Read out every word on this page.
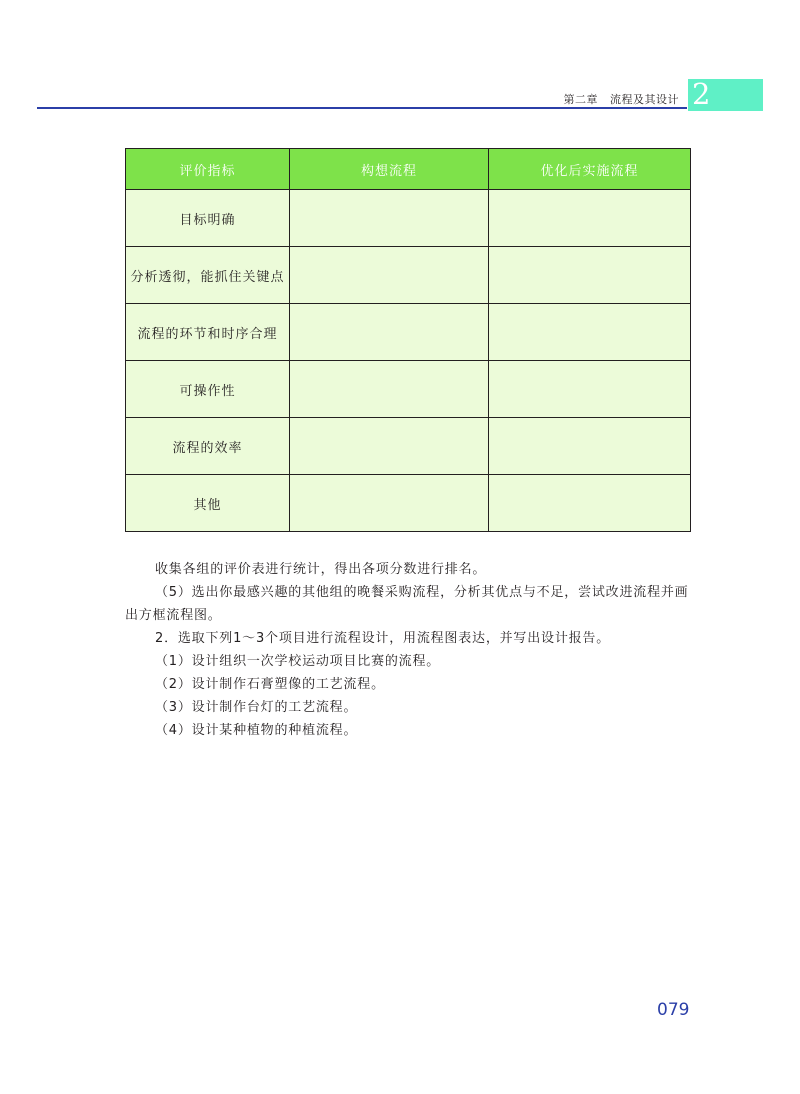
第二章 流程及其设计 2
评价指标	构想流程	优化后实施流程
目标明确		
分析透彻，能抓住关键点		
流程的环节和时序合理		
可操作性		
流程的效率		
其他		

收集各组的评价表进行统计，得出各项分数进行排名。

（5）选出你最感兴趣的其他组的晚餐采购流程，分析其优点与不足，尝试改进流程并画出方框流程图。

2．选取下列1～3个项目进行流程设计，用流程图表达，并写出设计报告。

（1）设计组织一次学校运动项目比赛的流程。

（2）设计制作石膏塑像的工艺流程。

（3）设计制作台灯的工艺流程。

（4）设计某种植物的种植流程。

079
